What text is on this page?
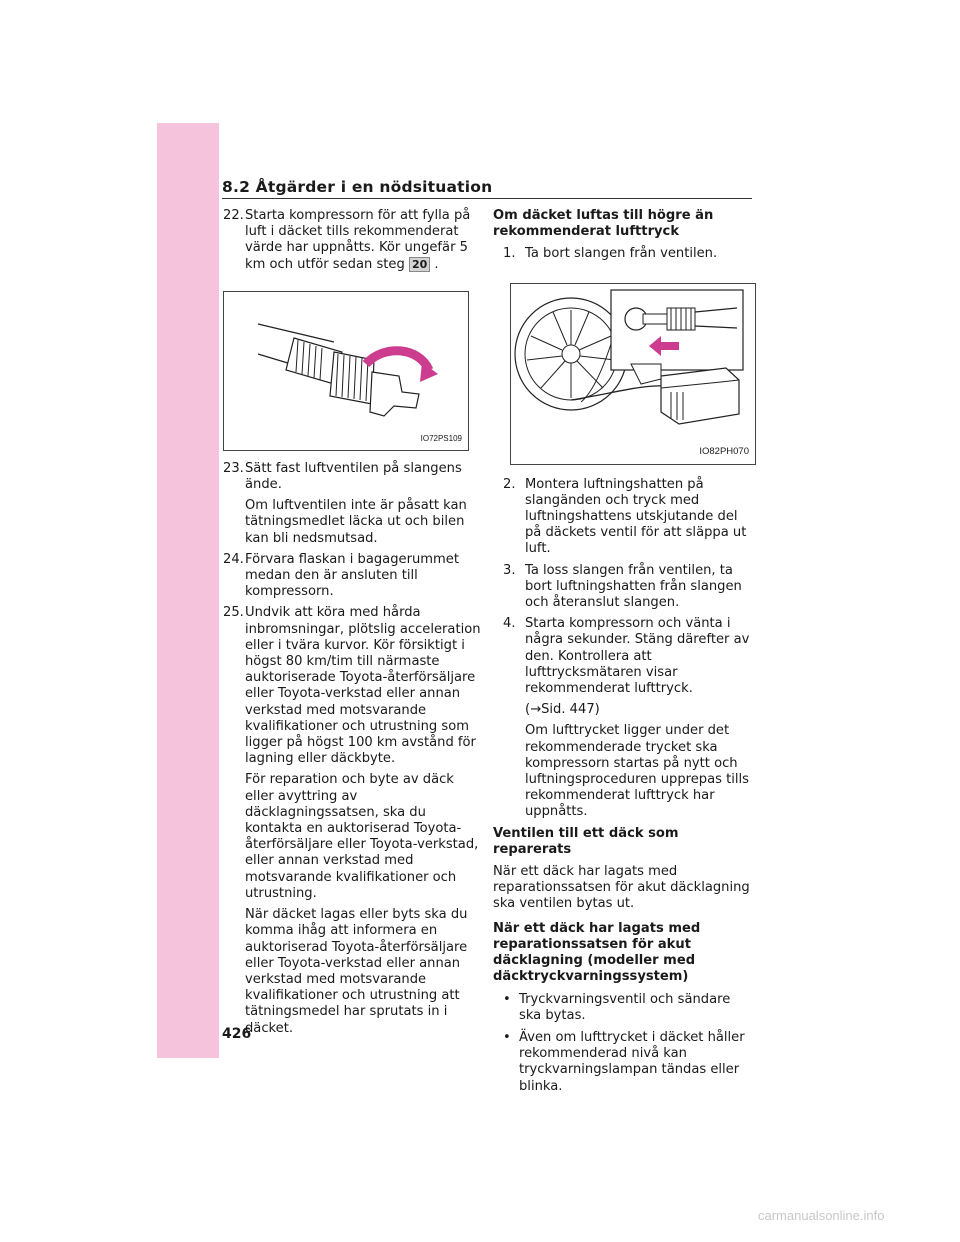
8.2 Åtgärder i en nödsituation
22. Starta kompressorn för att fylla på luft i däcket tills rekommenderat värde har uppnåtts. Kör ungefär 5 km och utför sedan steg 20 .
IO72PS109
23. Sätt fast luftventilen på slangens ände.

Om luftventilen inte är påsatt kan tätningsmedlet läcka ut och bilen kan bli nedsmutsad.

24. Förvara flaskan i bagagerummet medan den är ansluten till kompressorn.

25. Undvik att köra med hårda inbromsningar, plötslig acceleration eller i tvära kurvor. Kör försiktigt i högst 80 km/tim till närmaste auktoriserade Toyota-återförsäljare eller Toyota-verkstad eller annan verkstad med motsvarande kvalifikationer och utrustning som ligger på högst 100 km avstånd för lagning eller däckbyte.

För reparation och byte av däck eller avyttring av däcklagningssatsen, ska du kontakta en auktoriserad Toyota-återförsäljare eller Toyota-verkstad, eller annan verkstad med motsvarande kvalifikationer och utrustning.

När däcket lagas eller byts ska du komma ihåg att informera en auktoriserad Toyota-återförsäljare eller Toyota-verkstad eller annan verkstad med motsvarande kvalifikationer och utrustning att tätningsmedel har sprutats in i däcket.

Om däcket luftas till högre än rekommenderat lufttryck

1. Ta bort slangen från ventilen.

IO82PH070
2. Montera luftningshatten på slangänden och tryck med luftningshattens utskjutande del på däckets ventil för att släppa ut luft.

3. Ta loss slangen från ventilen, ta bort luftningshatten från slangen och återanslut slangen.

4. Starta kompressorn och vänta i några sekunder. Stäng därefter av den. Kontrollera att lufttrycksmätaren visar rekommenderat lufttryck.

(→Sid. 447)

Om lufttrycket ligger under det rekommenderade trycket ska kompressorn startas på nytt och luftningsproceduren upprepas tills rekommenderat lufttryck har uppnåtts.

Ventilen till ett däck som reparerats

När ett däck har lagats med reparationssatsen för akut däcklagning ska ventilen bytas ut.

När ett däck har lagats med reparationssatsen för akut däcklagning (modeller med däcktryckvarningssystem)

• Tryckvarningsventil och sändare ska bytas.
• Även om lufttrycket i däcket håller rekommenderad nivå kan tryckvarningslampan tändas eller blinka.
426
carmanualsonline.info
